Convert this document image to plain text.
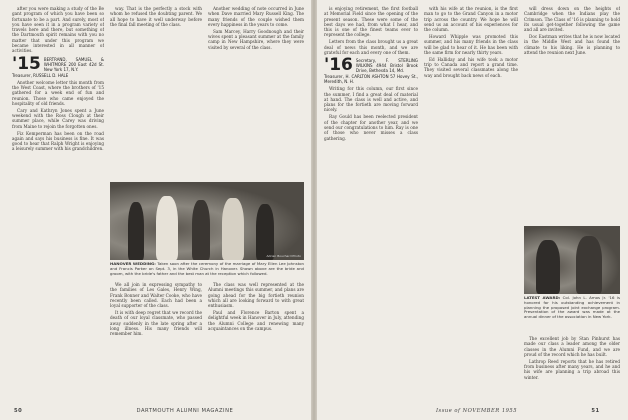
after you were making a study of the Be gant program of which you have been so fortunate to be a part. And surely, most of you have seen it in a program variety of travels here and there, but something of the Dartmouth spirit remains with you no matter that under this program we became interested in all manner of activities.

'15 BERTRAND, SAMUEL & WHITMORE 200 East 42d St. New York 17, N.Y.
Treasurer, RUSSELL D. HALE

Another welcome letter this month from the West Coast, where the brothers of '15 gathered for a week end of fun and reunion. Those who came enjoyed the hospitality of old friends.

Cary and Kathryn Jones spent a June weekend with the Ross Clough at their summer place, while Carey was driving from Maine to rejoin the forgotten ones.

Fiz Kemperman has been on the road again and says his business is fine. It was good to hear that Ralph Wright is enjoying a leisurely summer with his grandchildren.

way. That is the perfectly a stock with whom he refused the doubting parent. We all hope to have it well underway before the final fall meeting of the class.

Another wedding of note occurred in June when Dave married Mary Russell King. The many friends of the couple wished them every happiness in the years to come.

Sam Marcey, Harry Goodnough and their wives spent a pleasant summer at the family camp in New Hampshire, where they were visited by several of the class.

Adrian Bouchard Photo
HANOVER WEDDING: Taken soon after the ceremony of the marriage of Mary Ellen Lee Johnston and Francis Parker on Sept. 3, in the White Church in Hanover. Shown above are the bride and groom, with the bride's father and the best man at the reception which followed.

We all join in expressing sympathy to the families of Les Gales, Henry Wing, Frank Bonner and Walter Cooke, who have recently been called. Each had been a loyal supporter of the class.

It is with deep regret that we record the death of our loyal classmate, who passed away suddenly in the late spring after a long illness. His many friends will remember him.

The class was well represented at the Alumni meetings this summer, and plans are going ahead for the big fortieth reunion which all are looking forward to with great enthusiasm.

Paul and Florence Barton spent a delightful week in Hanover in July, attending the Alumni College and renewing many acquaintances on the campus.

50	DARTMOUTH ALUMNI MAGAZINE

is enjoying retirement, the first football at Memorial Field since the opening of the present season. These were some of the best days we had, from what I hear, and this is one of the finest teams ever to represent the college.

Letters from the class brought us a great deal of news this month, and we are grateful for each and every one of them.

'16 Secretary, F. STERLING WILKINS 4944 Bristol Brook Drive, Bethesda 14, Md.
Treasurer, H. CARLTON ASHTON 57 Hovey St., Meredith, N. H.

Writing for this column, our first since the summer, I find a great deal of material at hand. The class is well and active, and plans for the fortieth are moving forward nicely.

Ray Gould has been reelected president of the chapter for another year, and we send our congratulations to him. Ray is one of those who never misses a class gathering.

with his wife at the reunion, is the first man to go to the Grand Canyon in a motor trip across the country. We hope he will send us an account of his experiences for the column.

Howard Whipple was promoted this summer, and his many friends in the class will be glad to hear of it. He has been with the same firm for nearly thirty years.

Ed Halliday and his wife took a motor trip to Canada and report a grand time. They visited several classmates along the way and brought back news of each.

will dress down on the heights of Cambridge when the Indians play the Crimson. The Class of '16 is planning to hold its usual get-together following the game and all are invited.

Doc Eastman writes that he is now located in the Middle West and has found the climate to his liking. He is planning to attend the reunion next June.

LATEST AWARD: Col. John L. Amos Jr. '16 is honored for his outstanding achievement in planning the proposed joint exchange program. Presentation of the award was made at the annual dinner of the association in New York.

The excellent job by Stan Pinhurst has made our class a leader among the older classes in the Alumni Fund, and we are proud of the record which he has built.

Lathrop Reed reports that he has retired from business after many years, and he and his wife are planning a trip abroad this winter.

Issue of NOVEMBER 1955	51
